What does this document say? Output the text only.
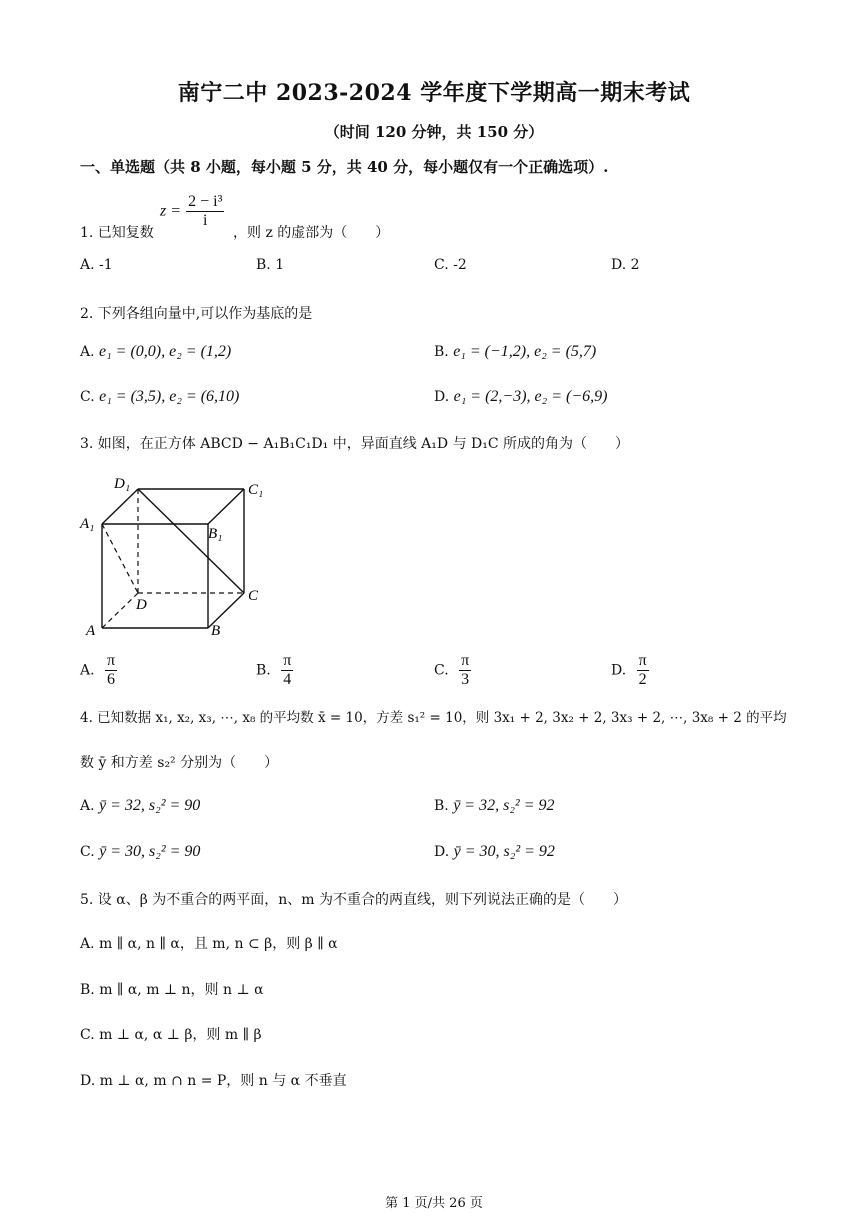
南宁二中 2023-2024 学年度下学期高一期末考试
（时间 120 分钟，共 150 分）
一、单选题（共 8 小题，每小题 5 分，共 40 分，每小题仅有一个正确选项）.
$z = \frac{\text{2 − i³}}{i}$
1. 已知复数	，则 z 的虚部为（　　）
A. -1	B. 1	C. -2	D. 2
2. 下列各组向量中,可以作为基底的是
A. e₁ = (0,0), e₂ = (1,2)	B. e₁ = (−1,2), e₂ = (5,7)
C. e₁ = (3,5), e₂ = (6,10)	D. e₁ = (2,−3), e₂ = (−6,9)
3. 如图，在正方体 ABCD − A₁B₁C₁D₁ 中，异面直线 A₁D 与 D₁C 所成的角为（　　）
D₁	C₁
A₁
B₁
D
C
A	B
A. $\frac{\pi}{6}$	B. $\frac{\pi}{4}$	C. $\frac{\pi}{3}$	D. $\frac{\pi}{2}$
4. 已知数据 x₁, x₂, x₃, ⋯, x₈ 的平均数 x̄ = 10，方差 s₁² = 10，则 3x₁ + 2, 3x₂ + 2, 3x₃ + 2, ⋯, 3x₈ + 2 的平均
数 ȳ 和方差 s₂² 分别为（　　）
A. ȳ = 32, s₂² = 90	B. ȳ = 32, s₂² = 92
C. ȳ = 30, s₂² = 90	D. ȳ = 30, s₂² = 92
5. 设 α、β 为不重合的两平面，n、m 为不重合的两直线，则下列说法正确的是（　　）
A. m ∥ α, n ∥ α，且 m, n ⊂ β，则 β ∥ α
B. m ∥ α, m ⊥ n，则 n ⊥ α
C. m ⊥ α, α ⊥ β，则 m ∥ β
D. m ⊥ α, m ∩ n = P，则 n 与 α 不垂直
第 1 页/共 26 页
